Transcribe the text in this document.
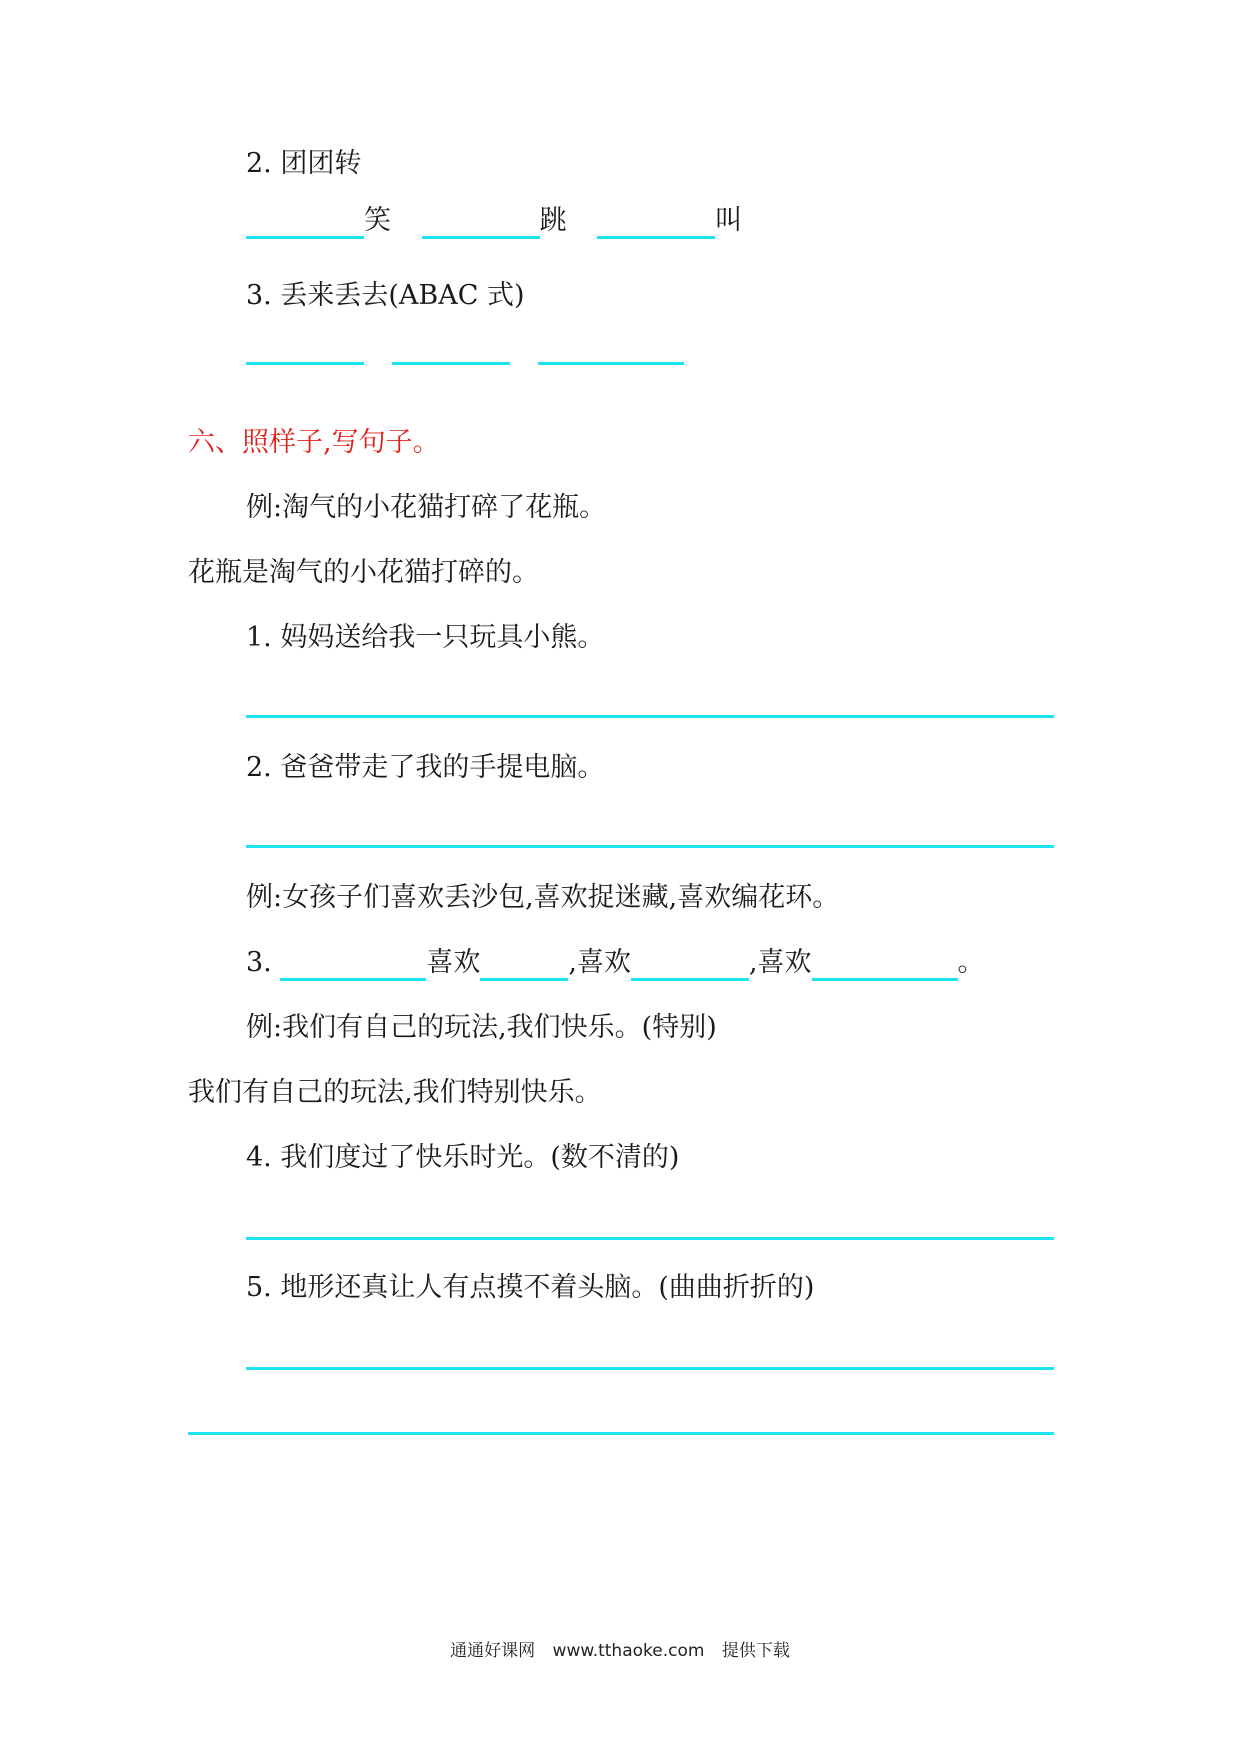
2. 团团转
笑	跳	叫
3. 丢来丢去(ABAC 式)
六、照样子,写句子。
例:淘气的小花猫打碎了花瓶。
花瓶是淘气的小花猫打碎的。
1. 妈妈送给我一只玩具小熊。
2. 爸爸带走了我的手提电脑。
例:女孩子们喜欢丢沙包,喜欢捉迷藏,喜欢编花环。
3.	喜欢	,喜欢	,喜欢	。
例:我们有自己的玩法,我们快乐。(特别)
我们有自己的玩法,我们特别快乐。
4. 我们度过了快乐时光。(数不清的)
5. 地形还真让人有点摸不着头脑。(曲曲折折的)
通通好课网 www.tthaoke.com 提供下载
